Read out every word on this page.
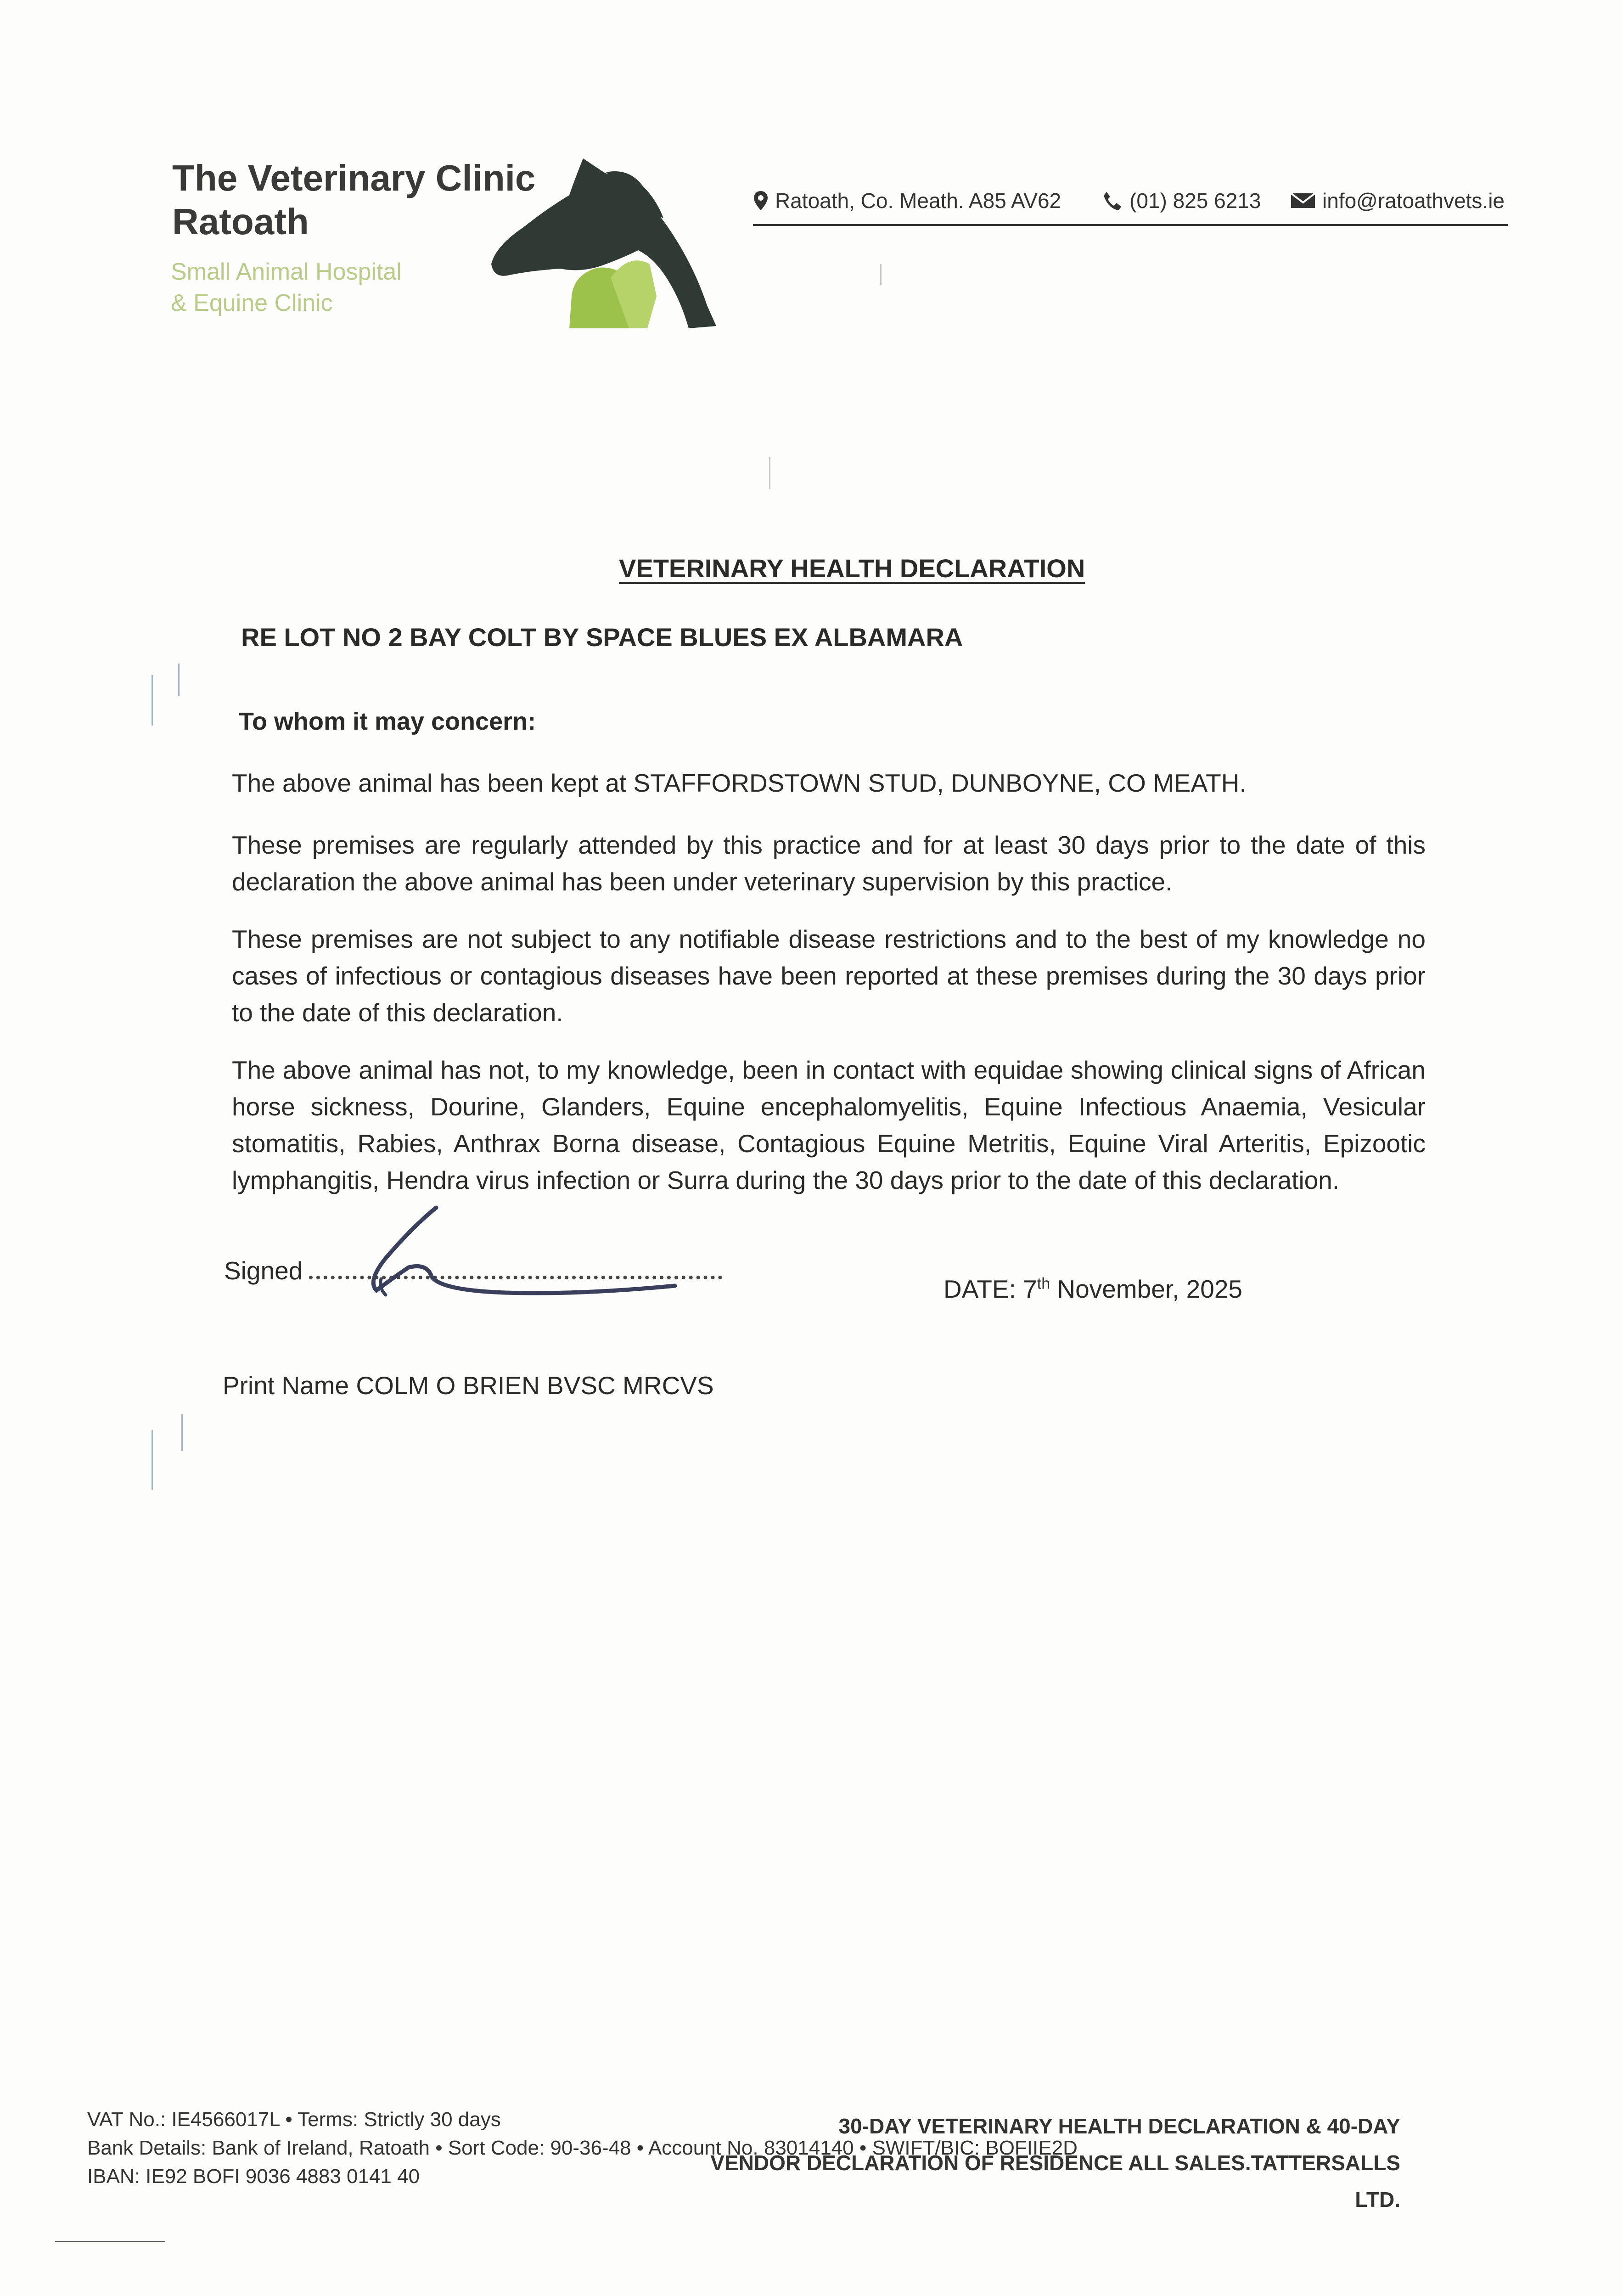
The Veterinary Clinic
Ratoath
Small Animal Hospital
& Equine Clinic
Ratoath, Co. Meath. A85 AV62	(01) 825 6213	info@ratoathvets.ie
VETERINARY HEALTH DECLARATION
RE LOT NO 2 BAY COLT BY SPACE BLUES EX ALBAMARA
To whom it may concern:
The above animal has been kept at STAFFORDSTOWN STUD, DUNBOYNE, CO MEATH.
These premises are regularly attended by this practice and for at least 30 days prior to the date of this declaration the above animal has been under veterinary supervision by this practice.
These premises are not subject to any notifiable disease restrictions and to the best of my knowledge no cases of infectious or contagious diseases have been reported at these premises during the 30 days prior to the date of this declaration.
The above animal has not, to my knowledge, been in contact with equidae showing clinical signs of African horse sickness, Dourine, Glanders, Equine encephalomyelitis, Equine Infectious Anaemia, Vesicular stomatitis, Rabies, Anthrax Borna disease, Contagious Equine Metritis, Equine Viral Arteritis, Epizootic lymphangitis, Hendra virus infection or Surra during the 30 days prior to the date of this declaration.
Signed
DATE: 7th November, 2025
Print Name COLM O BRIEN BVSC MRCVS
VAT No.: IE4566017L • Terms: Strictly 30 days
Bank Details: Bank of Ireland, Ratoath • Sort Code: 90-36-48 • Account No. 83014140 • SWIFT/BIC: BOFIIE2D
IBAN: IE92 BOFI 9036 4883 0141 40
30-DAY VETERINARY HEALTH DECLARATION & 40-DAY
VENDOR DECLARATION OF RESIDENCE ALL SALES.TATTERSALLS LTD.
